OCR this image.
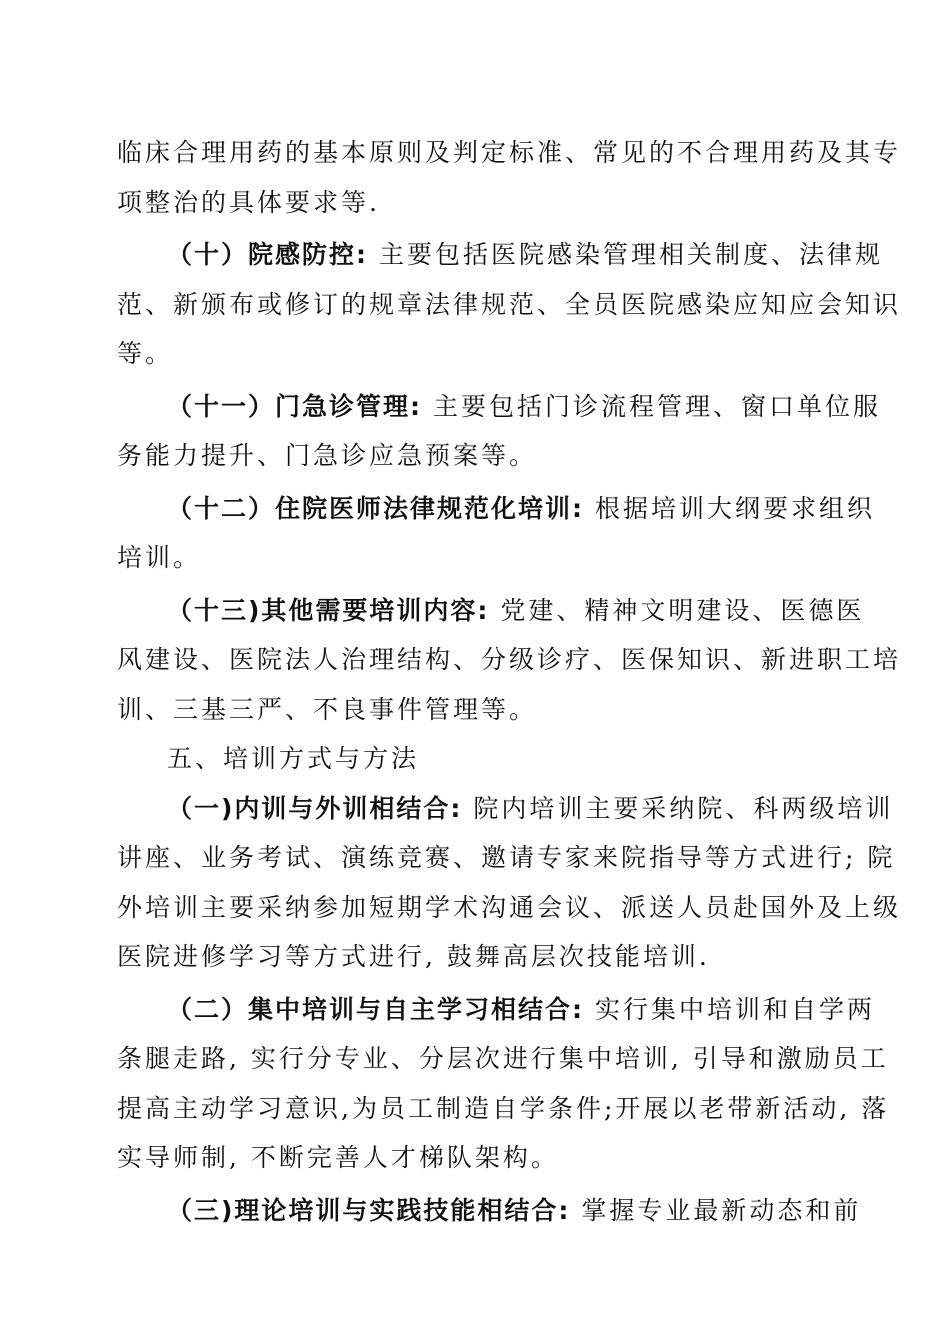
临床合理用药的基本原则及判定标准、常见的不合理用药及其专
项整治的具体要求等.
（十）院感防控: 主要包括医院感染管理相关制度、法律规
范、新颁布或修订的规章法律规范、全员医院感染应知应会知识
等。
（十一）门急诊管理: 主要包括门诊流程管理、窗口单位服
务能力提升、门急诊应急预案等。
（十二）住院医师法律规范化培训: 根据培训大纲要求组织
培训。
（十三)其他需要培训内容: 党建、精神文明建设、医德医
风建设、医院法人治理结构、分级诊疗、医保知识、新进职工培
训、三基三严、不良事件管理等。
五、培训方式与方法
（一)内训与外训相结合: 院内培训主要采纳院、科两级培训
讲座、业务考试、演练竞赛、邀请专家来院指导等方式进行; 院
外培训主要采纳参加短期学术沟通会议、派送人员赴国外及上级
医院进修学习等方式进行, 鼓舞高层次技能培训.
（二）集中培训与自主学习相结合: 实行集中培训和自学两
条腿走路, 实行分专业、分层次进行集中培训, 引导和激励员工
提高主动学习意识,为员工制造自学条件;开展以老带新活动, 落
实导师制, 不断完善人才梯队架构。
（三)理论培训与实践技能相结合: 掌握专业最新动态和前
